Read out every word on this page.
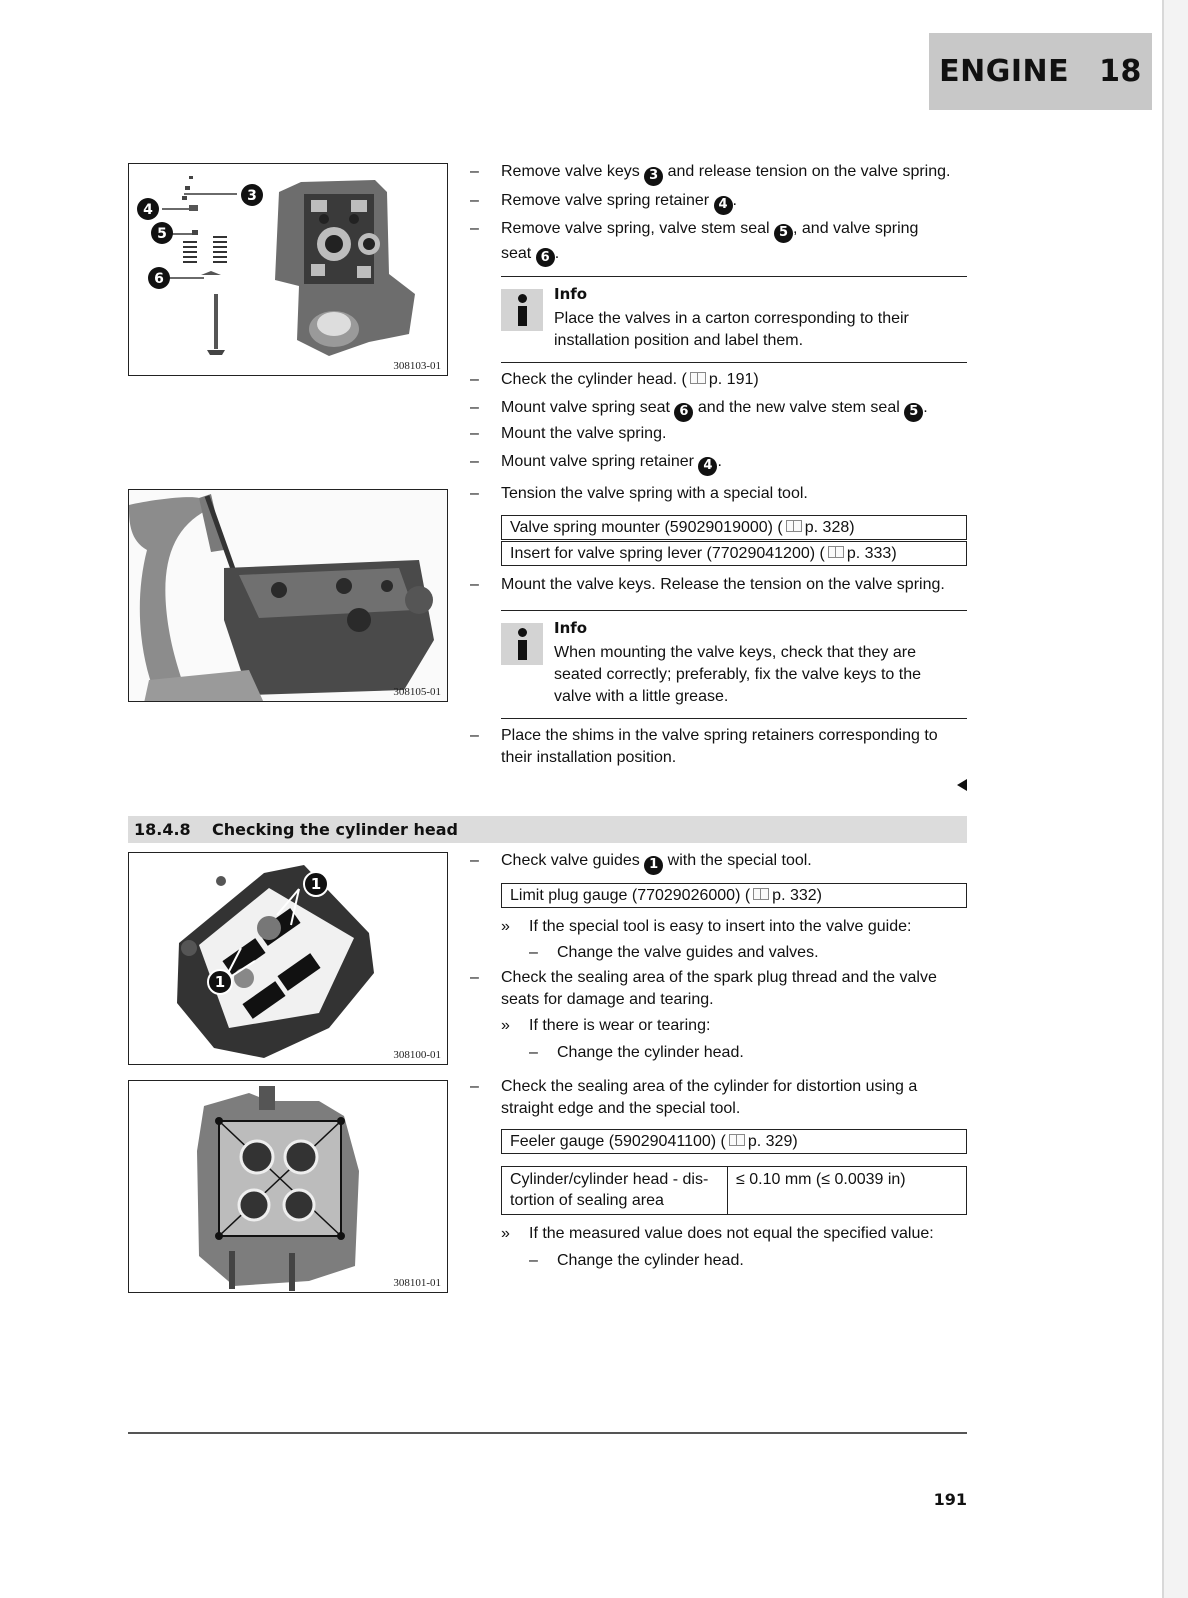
ENGINE 18
3
4
5
6
308103-01
308105-01
1
1
308100-01
308101-01
– Remove valve keys 3 and release tension on the valve spring.
– Remove valve spring retainer 4 .
– Remove valve spring, valve stem seal 5 , and valve spring seat 6 .
Info
Place the valves in a carton corresponding to their installation position and label them.
– Check the cylinder head. ( p. 191)
– Mount valve spring seat 6 and the new valve stem seal 5 .
– Mount the valve spring.
– Mount valve spring retainer 4 .
– Tension the valve spring with a special tool.
Valve spring mounter (59029019000) ( p. 328)
Insert for valve spring lever (77029041200) ( p. 333)
– Mount the valve keys. Release the tension on the valve spring.
Info
When mounting the valve keys, check that they are seated correctly; preferably, fix the valve keys to the valve with a little grease.
– Place the shims in the valve spring retainers corresponding to their installation position.
18.4.8 Checking the cylinder head
– Check valve guides 1 with the special tool.
Limit plug gauge (77029026000) ( p. 332)
» If the special tool is easy to insert into the valve guide:
– Change the valve guides and valves.
– Check the sealing area of the spark plug thread and the valve seats for damage and tearing.
» If there is wear or tearing:
– Change the cylinder head.
– Check the sealing area of the cylinder for distortion using a straight edge and the special tool.
Feeler gauge (59029041100) ( p. 329)
Cylinder/cylinder head - dis-tortion of sealing area
≤ 0.10 mm (≤ 0.0039 in)
» If the measured value does not equal the specified value:
– Change the cylinder head.
191
